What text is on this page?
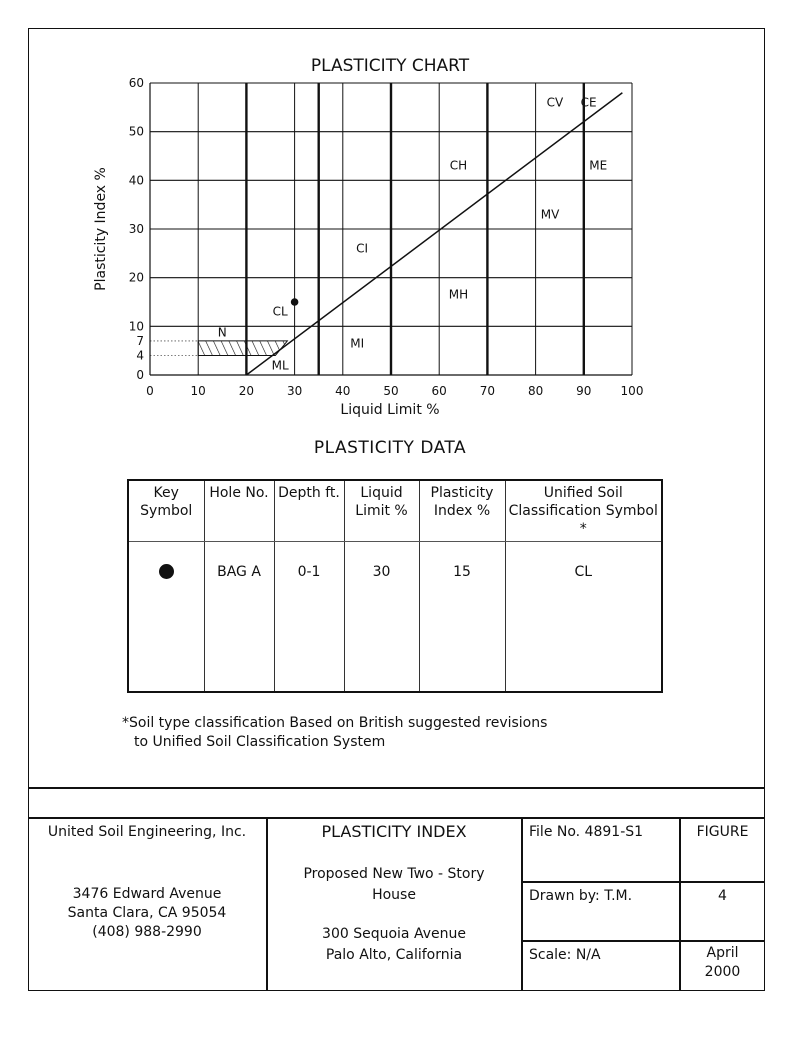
PLASTICITY CHART
Plasticity Index %
Liquid Limit %
0	10	20	30	40	50	60	70	80	90 100
0
4
7
10
20
30
40
50
60
N
CL
ML
CI
MI
CH
MH
CV
MV
CE
ME
PLASTICITY DATA
Key Symbol	Hole No.	Depth ft.	Liquid Limit %	Plasticity Index %	Unified Soil Classification Symbol *
	BAG A	0-1	30	15	CL
*Soil type classification Based on British suggested revisions
to Unified Soil Classification System
United Soil Engineering, Inc.
3476 Edward Avenue
Santa Clara, CA 95054
(408) 988-2990
PLASTICITY INDEX
Proposed New Two - Story
House
300 Sequoia Avenue
Palo Alto, California
File No. 4891-S1
Drawn by: T.M.
Scale: N/A
FIGURE
4
April
2000
